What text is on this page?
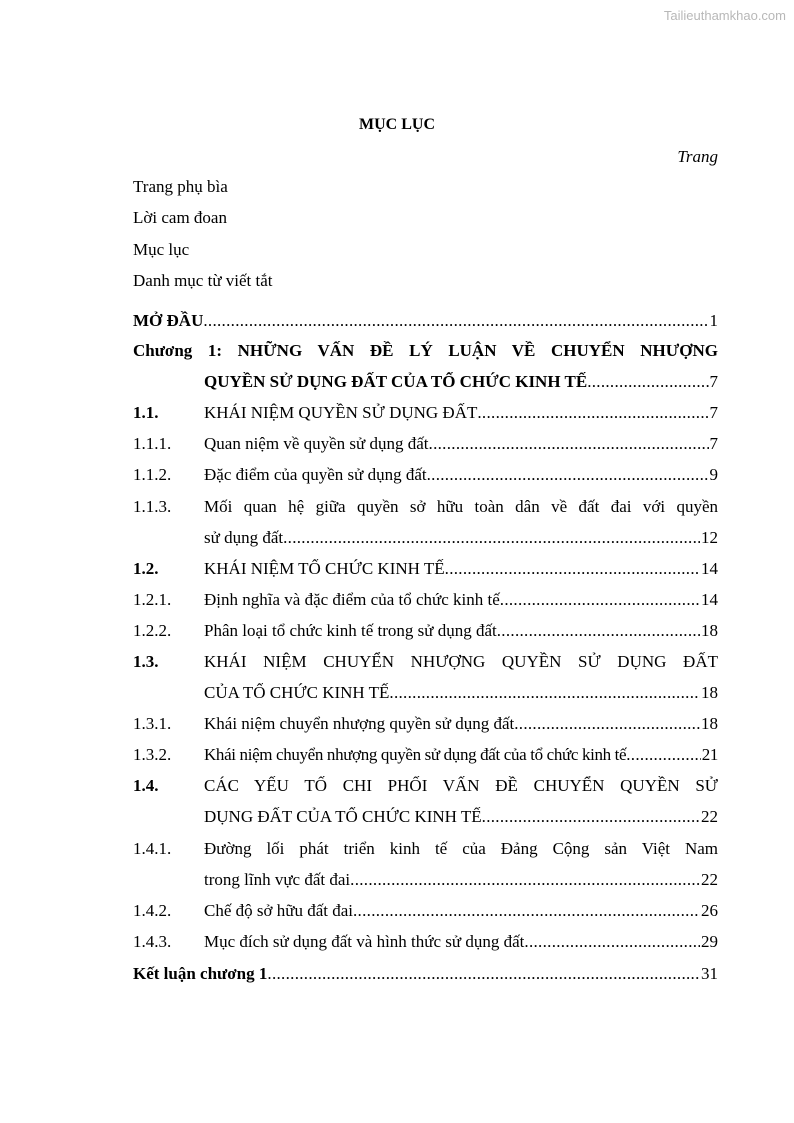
Tailieuthamkhao.com
MỤC LỤC
Trang
Trang phụ bìa
Lời cam đoan
Mục lục
Danh mục từ viết tắt
MỞ ĐẦU .....	1
Chương 1: NHỮNG VẤN ĐỀ LÝ LUẬN VỀ CHUYỂN NHƯỢNG
QUYỀN SỬ DỤNG ĐẤT CỦA TỔ CHỨC KINH TẾ .....	7
1.1.	KHÁI NIỆM QUYỀN SỬ DỤNG ĐẤT .....	7
1.1.1. Quan niệm về quyền sử dụng đất .....	7
1.1.2. Đặc điểm của quyền sử dụng đất .....	9
1.1.3. Mối quan hệ giữa quyền sở hữu toàn dân về đất đai với quyền
sử dụng đất .....	12
1.2.	KHÁI NIỆM TỔ CHỨC KINH TẾ .....	14
1.2.1. Định nghĩa và đặc điểm của tổ chức kinh tế .....	14
1.2.2. Phân loại tổ chức kinh tế trong sử dụng đất .....	18
1.3.	KHÁI NIỆM CHUYỂN NHƯỢNG QUYỀN SỬ DỤNG ĐẤT
CỦA TỔ CHỨC KINH TẾ .....	18
1.3.1. Khái niệm chuyển nhượng quyền sử dụng đất .....	18
1.3.2. Khái niệm chuyển nhượng quyền sử dụng đất của tổ chức kinh tế .....	21
1.4.	CÁC YẾU TỐ CHI PHỐI VẤN ĐỀ CHUYỂN QUYỀN SỬ
DỤNG ĐẤT CỦA TỔ CHỨC KINH TẾ .....	22
1.4.1. Đường lối phát triển kinh tế của Đảng Cộng sản Việt Nam
trong lĩnh vực đất đai .....	22
1.4.2. Chế độ sở hữu đất đai .....	26
1.4.3. Mục đích sử dụng đất và hình thức sử dụng đất .....	29
Kết luận chương 1 .....	31
